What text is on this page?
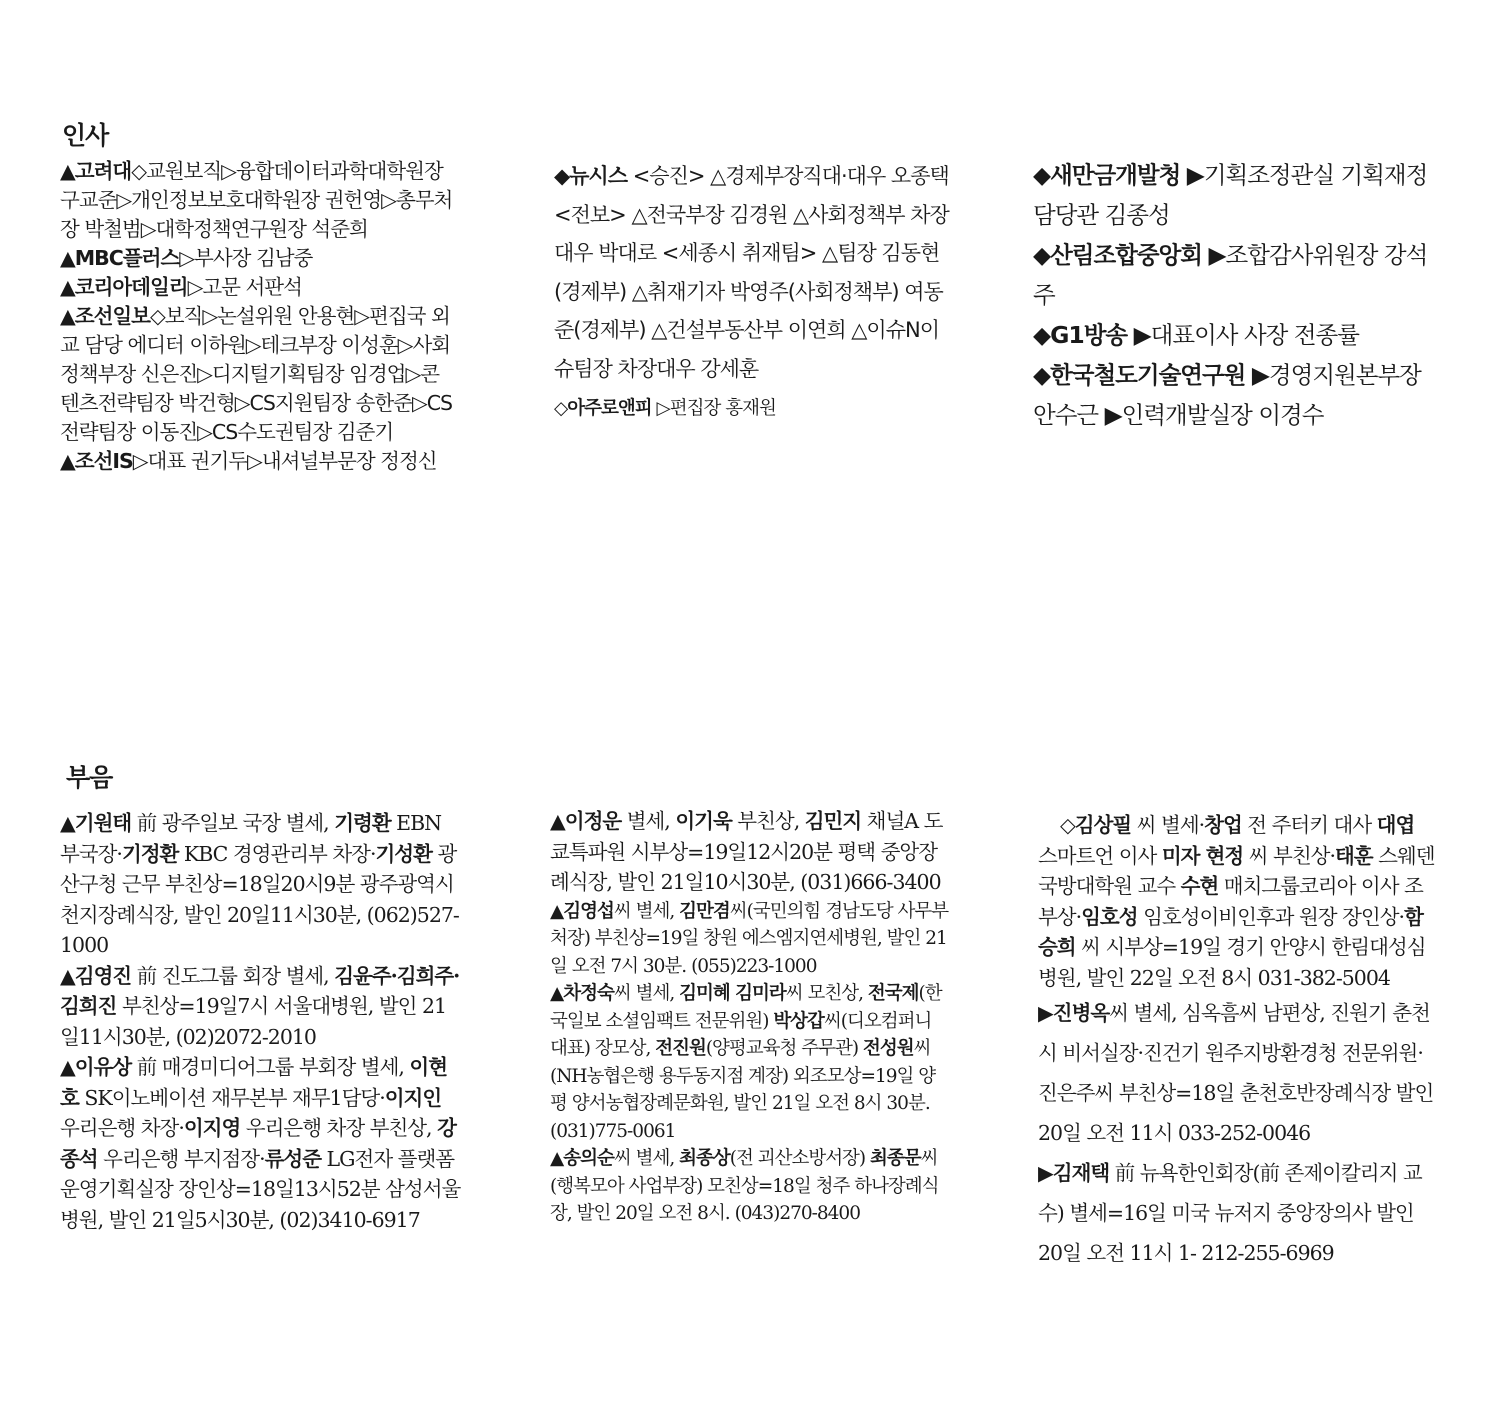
인사

▲고려대◇교원보직▷융합데이터과학대학원장 구교준▷개인정보보호대학원장 권헌영▷총무처장 박철범▷대학정책연구원장 석준희

▲MBC플러스▷부사장 김남중

▲코리아데일리▷고문 서판석

▲조선일보◇보직▷논설위원 안용현▷편집국 외교 담당 에디터 이하원▷테크부장 이성훈▷사회정책부장 신은진▷디지털기획팀장 임경업▷콘텐츠전략팀장 박건형▷CS지원팀장 송한준▷CS전략팀장 이동진▷CS수도권팀장 김준기

▲조선IS▷대표 권기두▷내셔널부문장 정정신

◆뉴시스 <승진> △경제부장직대·대우 오종택 <전보> △전국부장 김경원 △사회정책부 차장대우 박대로 <세종시 취재팀> △팀장 김동현(경제부) △취재기자 박영주(사회정책부) 여동준(경제부) △건설부동산부 이연희 △이슈N이슈팀장 차장대우 강세훈

◇아주로앤피 ▷편집장 홍재원

◆새만금개발청 ▶기획조정관실 기획재정담당관 김종성

◆산림조합중앙회 ▶조합감사위원장 강석주

◆G1방송 ▶대표이사 사장 전종률

◆한국철도기술연구원 ▶경영지원본부장 안수근 ▶인력개발실장 이경수

부음

▲기원태 前 광주일보 국장 별세, 기령환 EBN 부국장·기정환 KBC 경영관리부 차장·기성환 광산구청 근무 부친상=18일20시9분 광주광역시 천지장례식장, 발인 20일11시30분, (062)527-1000

▲김영진 前 진도그룹 회장 별세, 김윤주·김희주·김희진 부친상=19일7시 서울대병원, 발인 21일11시30분, (02)2072-2010

▲이유상 前 매경미디어그룹 부회장 별세, 이현호 SK이노베이션 재무본부 재무1담당·이지인 우리은행 차장·이지영 우리은행 차장 부친상, 강종석 우리은행 부지점장·류성준 LG전자 플랫폼운영기획실장 장인상=18일13시52분 삼성서울병원, 발인 21일5시30분, (02)3410-6917

▲이정운 별세, 이기욱 부친상, 김민지 채널A 도쿄특파원 시부상=19일12시20분 평택 중앙장례식장, 발인 21일10시30분, (031)666-3400

▲김영섭씨 별세, 김만겸씨(국민의힘 경남도당 사무부처장) 부친상=19일 창원 에스엠지연세병원, 발인 21일 오전 7시 30분. (055)223-1000

▲차정숙씨 별세, 김미혜 김미라씨 모친상, 전국제(한국일보 소셜임팩트 전문위원) 박상갑씨(디오컴퍼니 대표) 장모상, 전진원(양평교육청 주무관) 전성원씨(NH농협은행 용두동지점 계장) 외조모상=19일 양평 양서농협장례문화원, 발인 21일 오전 8시 30분. (031)775-0061

▲송의순씨 별세, 최종상(전 괴산소방서장) 최종문씨(행복모아 사업부장) 모친상=18일 청주 하나장례식장, 발인 20일 오전 8시. (043)270-8400

◇김상필 씨 별세·창업 전 주터키 대사 대엽 스마트언 이사 미자 현정 씨 부친상·태훈 스웨덴국방대학원 교수 수현 매치그룹코리아 이사 조부상·임호성 임호성이비인후과 원장 장인상·함승희 씨 시부상=19일 경기 안양시 한림대성심병원, 발인 22일 오전 8시 031-382-5004

▶진병옥씨 별세, 심옥흠씨 남편상, 진원기 춘천시 비서실장·진건기 원주지방환경청 전문위원·진은주씨 부친상=18일 춘천호반장례식장 발인 20일 오전 11시 033-252-0046

▶김재택 前 뉴욕한인회장(前 존제이칼리지 교수) 별세=16일 미국 뉴저지 중앙장의사 발인 20일 오전 11시 1- 212-255-6969
